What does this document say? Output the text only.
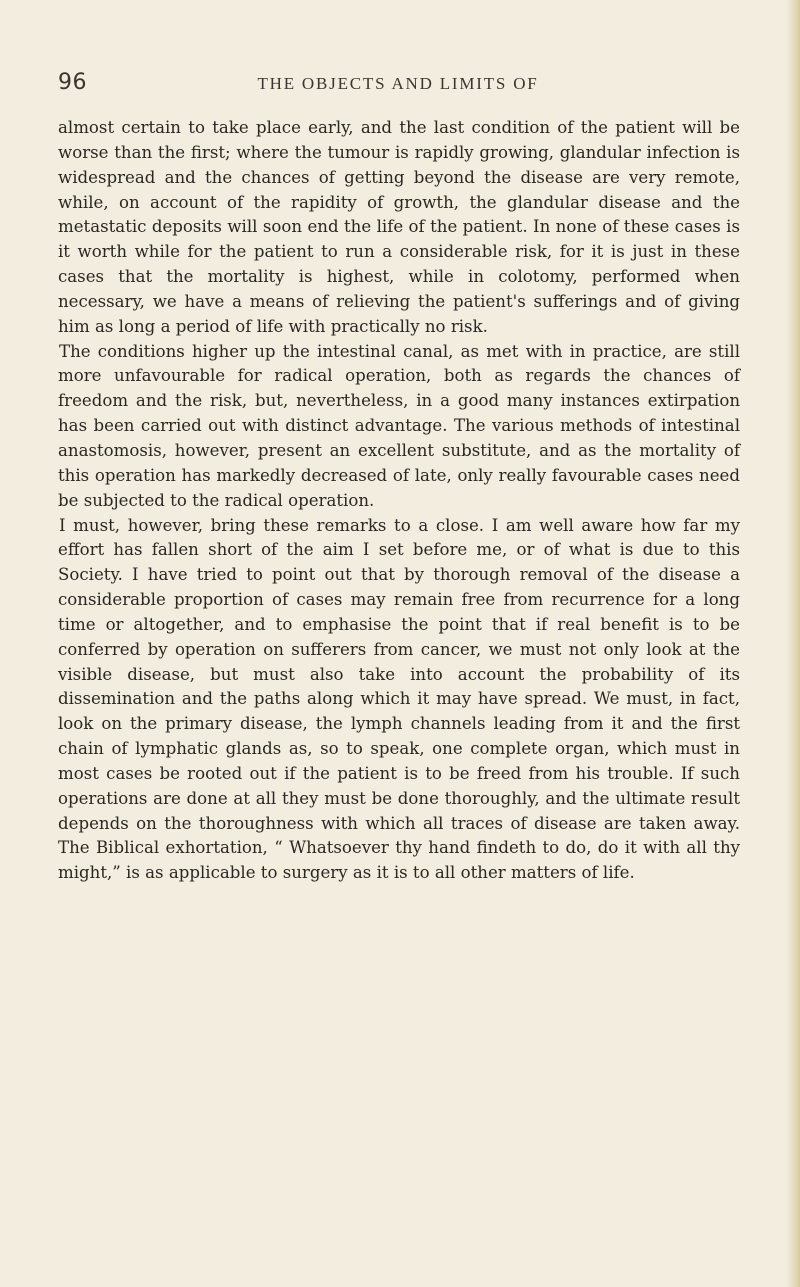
96	THE OBJECTS AND LIMITS OF

almost certain to take place early, and the last condition of the patient will be worse than the first; where the tumour is rapidly growing, glandular infection is widespread and the chances of getting beyond the disease are very remote, while, on account of the rapidity of growth, the glandular disease and the metastatic deposits will soon end the life of the patient. In none of these cases is it worth while for the patient to run a considerable risk, for it is just in these cases that the mortality is highest, while in colotomy, performed when necessary, we have a means of relieving the patient's sufferings and of giving him as long a period of life with practically no risk.

The conditions higher up the intestinal canal, as met with in practice, are still more unfavourable for radical operation, both as regards the chances of freedom and the risk, but, nevertheless, in a good many instances extirpation has been carried out with distinct advantage. The various methods of intestinal anastomosis, however, present an excellent substitute, and as the mortality of this operation has markedly decreased of late, only really favourable cases need be subjected to the radical operation.

I must, however, bring these remarks to a close. I am well aware how far my effort has fallen short of the aim I set before me, or of what is due to this Society. I have tried to point out that by thorough removal of the disease a considerable proportion of cases may remain free from recurrence for a long time or altogether, and to emphasise the point that if real benefit is to be conferred by operation on sufferers from cancer, we must not only look at the visible disease, but must also take into account the probability of its dissemination and the paths along which it may have spread. We must, in fact, look on the primary disease, the lymph channels leading from it and the first chain of lymphatic glands as, so to speak, one complete organ, which must in most cases be rooted out if the patient is to be freed from his trouble. If such operations are done at all they must be done thoroughly, and the ultimate result depends on the thoroughness with which all traces of disease are taken away. The Biblical exhortation, “ Whatsoever thy hand findeth to do, do it with all thy might,” is as applicable to surgery as it is to all other matters of life.
